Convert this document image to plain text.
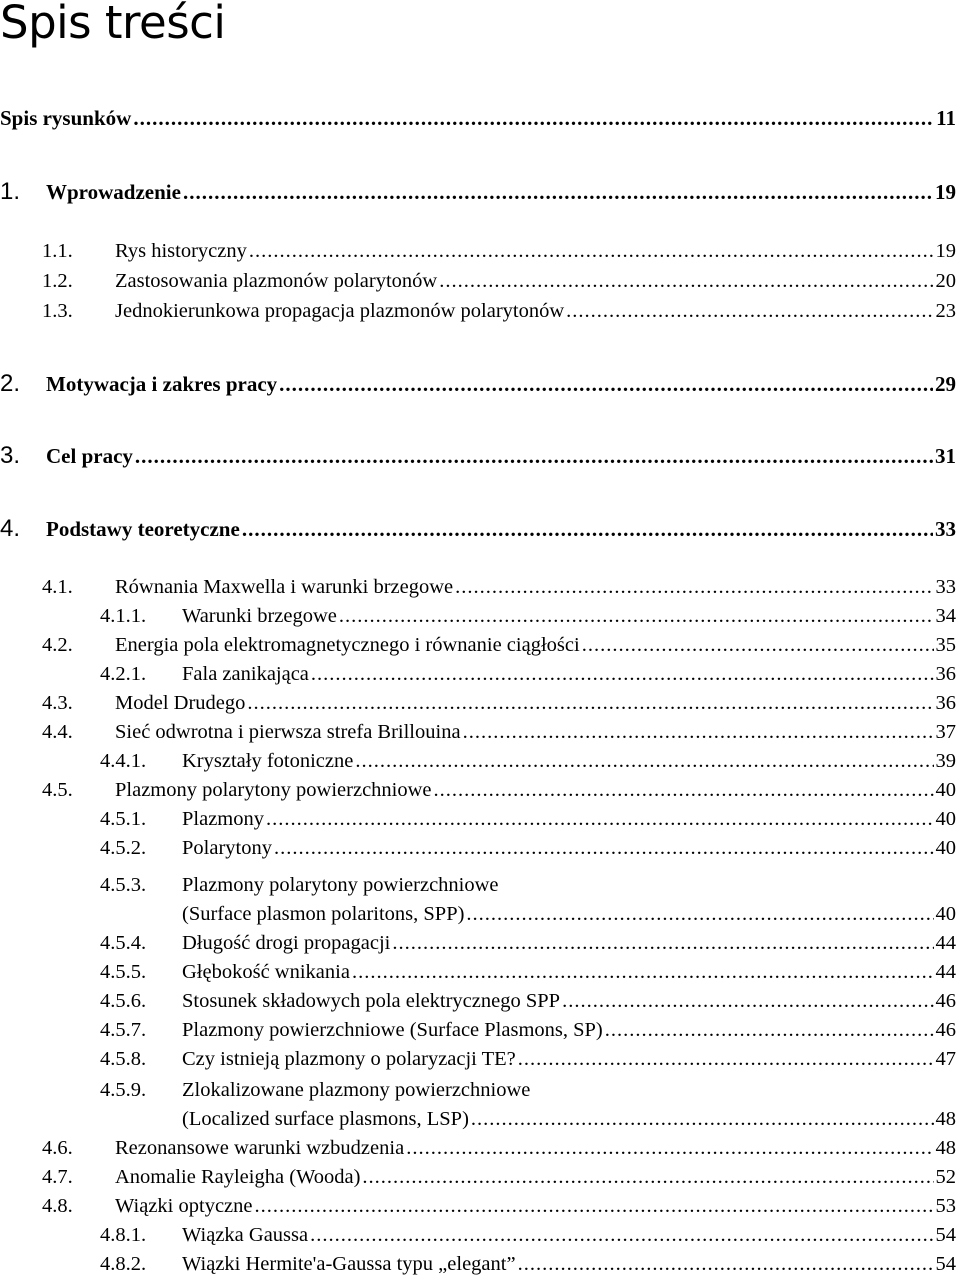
Spis treści
Spis rysunków .....	11
1.	Wprowadzenie .....	19
1.1.	Rys historyczny .....	19
1.2.	Zastosowania plazmonów polarytonów .....	20
1.3.	Jednokierunkowa propagacja plazmonów polarytonów .....	23
2.	Motywacja i zakres pracy .....	29
3.	Cel pracy .....	31
4.	Podstawy teoretyczne .....	33
4.1.	Równania Maxwella i warunki brzegowe .....	33
4.1.1.	Warunki brzegowe .....	34
4.2.	Energia pola elektromagnetycznego i równanie ciągłości .....	35
4.2.1.	Fala zanikająca .....	36
4.3.	Model Drudego .....	36
4.4.	Sieć odwrotna i pierwsza strefa Brillouina .....	37
4.4.1.	Kryształy fotoniczne .....	39
4.5.	Plazmony polarytony powierzchniowe .....	40
4.5.1.	Plazmony .....	40
4.5.2.	Polarytony .....	40
4.5.3. Plazmony polarytony powierzchniowe
(Surface plasmon polaritons, SPP) .....	40
4.5.4.	Długość drogi propagacji .....	44
4.5.5.	Głębokość wnikania .....	44
4.5.6.	Stosunek składowych pola elektrycznego SPP .....	46
4.5.7.	Plazmony powierzchniowe (Surface Plasmons, SP) .....	46
4.5.8.	Czy istnieją plazmony o polaryzacji TE? .....	47
4.5.9. Zlokalizowane plazmony powierzchniowe
(Localized surface plasmons, LSP) .....	48
4.6.	Rezonansowe warunki wzbudzenia .....	48
4.7.	Anomalie Rayleigha (Wooda) .....	52
4.8.	Wiązki optyczne .....	53
4.8.1.	Wiązka Gaussa .....	54
4.8.2.	Wiązki Hermite'a-Gaussa typu „elegant” .....	54
